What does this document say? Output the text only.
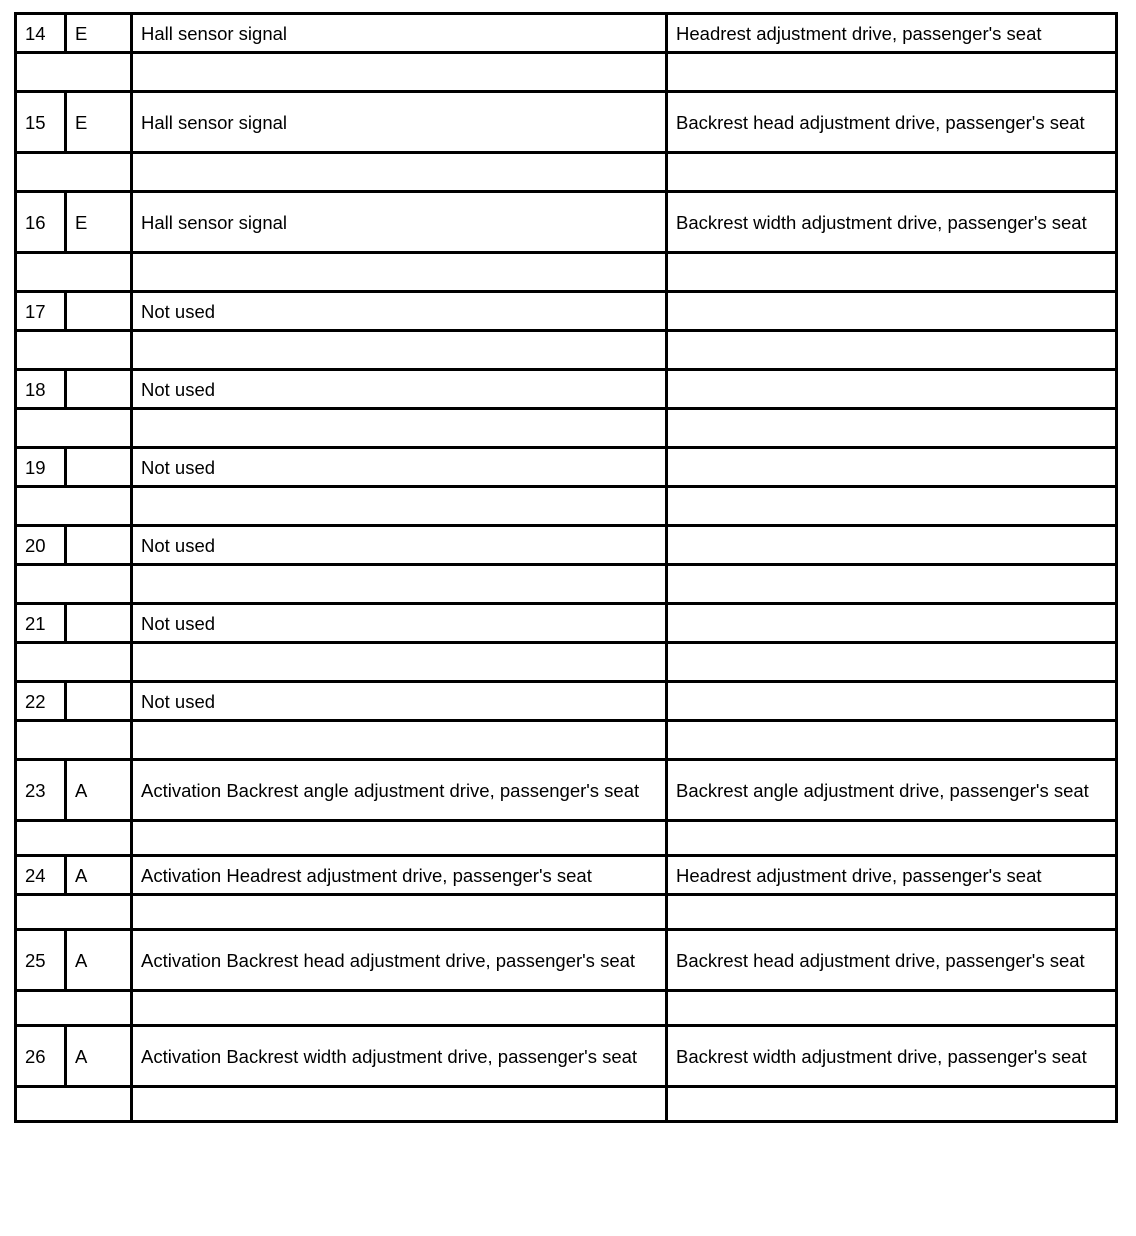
14	E	Hall sensor signal	Headrest adjustment drive, passenger's seat

15	E	Hall sensor signal	Backrest head adjustment drive, passenger's seat

16	E	Hall sensor signal	Backrest width adjustment drive, passenger's seat

17		Not used	

18		Not used	

19		Not used	

20		Not used	

21		Not used	

22		Not used	

23	A	Activation Backrest angle adjustment drive, passenger's seat	Backrest angle adjustment drive, passenger's seat

24	A	Activation Headrest adjustment drive, passenger's seat	Headrest adjustment drive, passenger's seat

25	A	Activation Backrest head adjustment drive, passenger's seat	Backrest head adjustment drive, passenger's seat

26	A	Activation Backrest width adjustment drive, passenger's seat	Backrest width adjustment drive, passenger's seat
